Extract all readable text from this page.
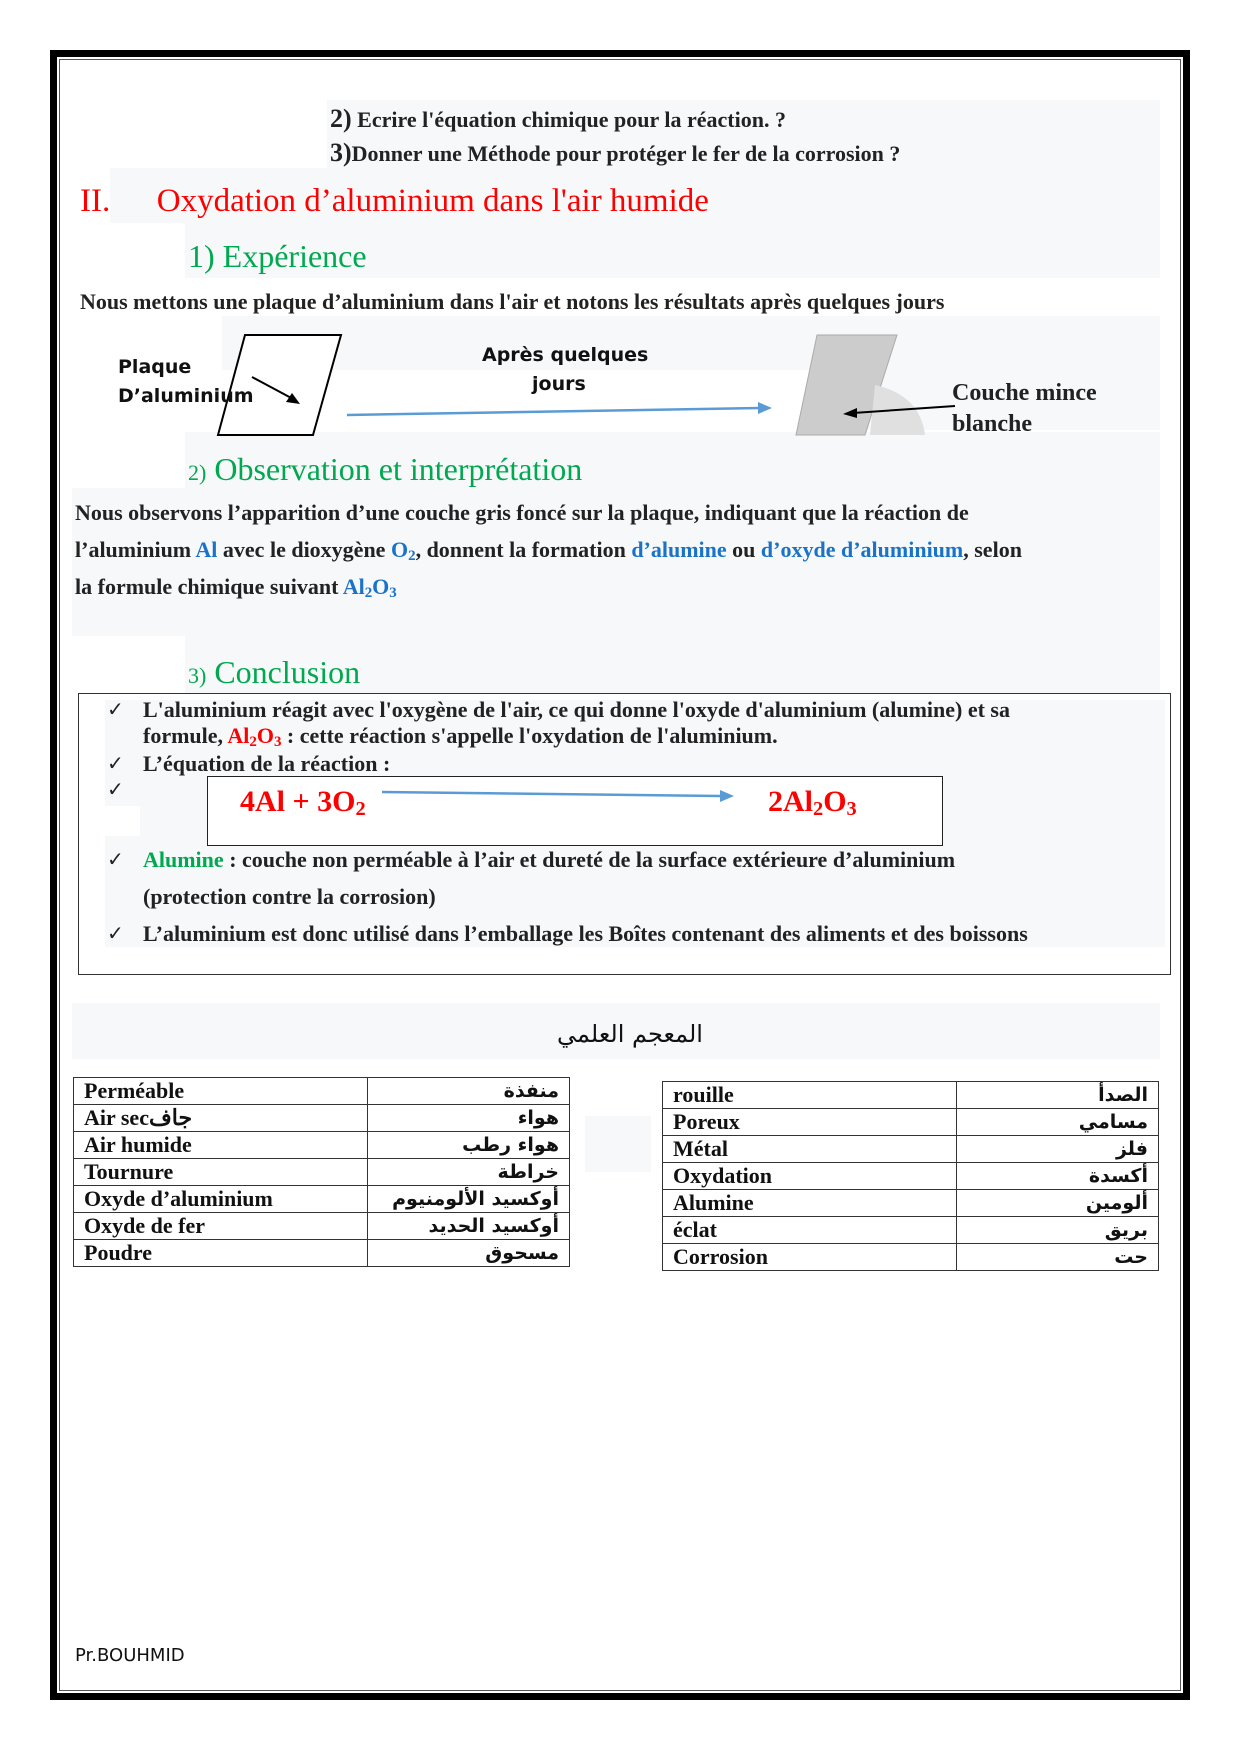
2) Ecrire l'équation chimique pour la réaction. ?
3)Donner une Méthode pour protéger le fer de la corrosion ?
II. Oxydation d’aluminium dans l'air humide
1) Expérience
Nous mettons une plaque d’aluminium dans l'air et notons les résultats après quelques jours
Plaque
D’aluminium
Après quelques
jours	Couche mince
blanche
2) Observation et interprétation
Nous observons l’apparition d’une couche gris foncé sur la plaque, indiquant que la réaction de
l’aluminium Al avec le dioxygène $O_2$, donnent la formation d’alumine ou d’oxyde d’aluminium, selon
la formule chimique suivant $Al_2O_3$
3) Conclusion
✓ L'aluminium réagit avec l'oxygène de l'air, ce qui donne l'oxyde d'aluminium (alumine) et sa
formule, $Al_2O_3$ : cette réaction s'appelle l'oxydation de l'aluminium.
✓ L’équation de la réaction :
✓	$4Al + 3O_2$	$2Al_2O_3$
✓ Alumine : couche non perméable à l’air et dureté de la surface extérieure d’aluminium
(protection contre la corrosion)
✓ L’aluminium est donc utilisé dans l’emballage les Boîtes contenant des aliments et des boissons
المعجم العلمي
Perméable	منفذة
Air secجاف	هواء
Air humide	هواء رطب
Tournure	خراطة
Oxyde d’aluminium	أوكسيد الألومنيوم
Oxyde de fer	أوكسيد الحديد
Poudre	مسحوق
rouille	الصدأ
Poreux	مسامي
Métal	فلز
Oxydation	أكسدة
Alumine	ألومين
éclat	بريق
Corrosion	حت
Pr.BOUHMID
